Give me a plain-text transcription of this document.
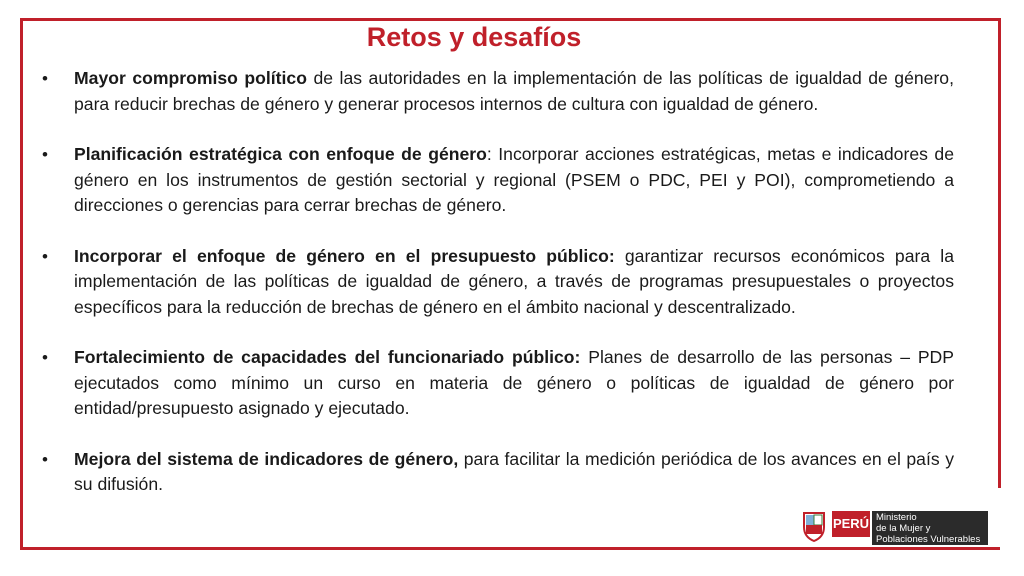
Retos y desafíos
• Mayor compromiso político de las autoridades en la implementación de las políticas de igualdad de género, para reducir brechas de género y generar procesos internos de cultura con igualdad de género.
• Planificación estratégica con enfoque de género: Incorporar acciones estratégicas, metas e indicadores de género en los instrumentos de gestión sectorial y regional (PSEM o PDC, PEI y POI), comprometiendo a direcciones o gerencias para cerrar brechas de género.
• Incorporar el enfoque de género en el presupuesto público: garantizar recursos económicos para la implementación de las políticas de igualdad de género, a través de programas presupuestales o proyectos específicos para la reducción de brechas de género en el ámbito nacional y descentralizado.
• Fortalecimiento de capacidades del funcionariado público: Planes de desarrollo de las personas – PDP ejecutados como mínimo un curso en materia de género o políticas de igualdad de género por entidad/presupuesto asignado y ejecutado.
• Mejora del sistema de indicadores de género, para facilitar la medición periódica de los avances en el país y su difusión.
PERÚ Ministerio
de la Mujer y
Poblaciones Vulnerables
